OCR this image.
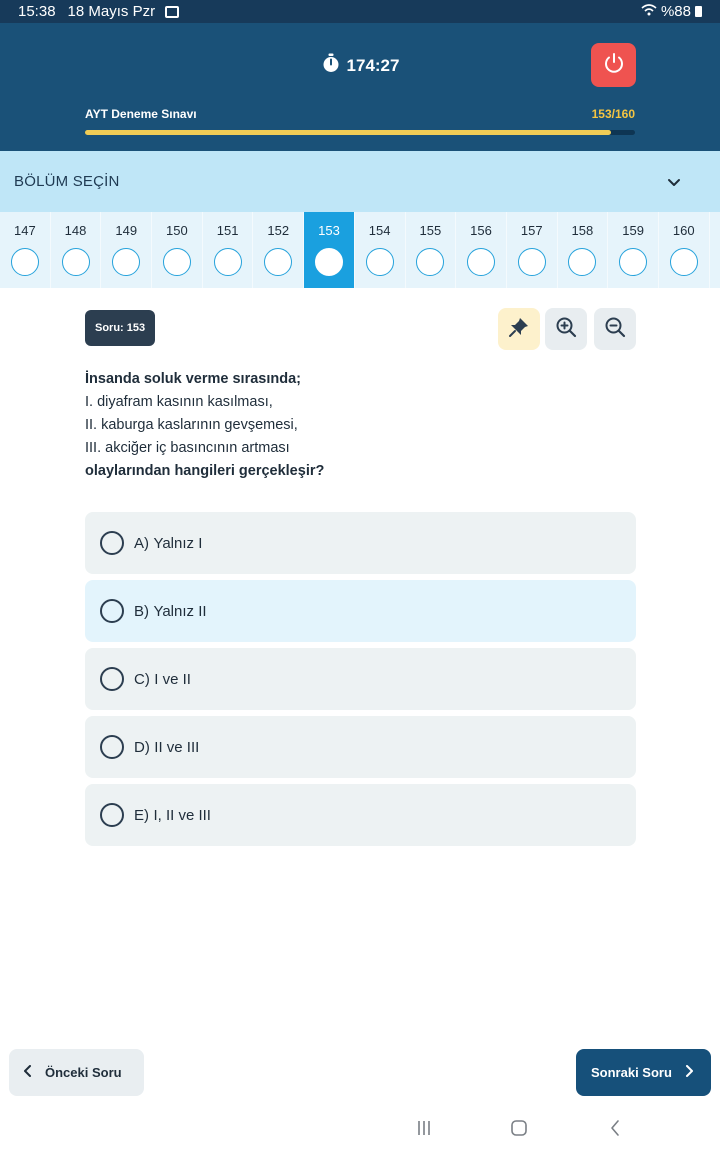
15:38 18 Mayıs Pzr	%88
174:27
AYT Deneme Sınavı	153/160
BÖLÜM SEÇİN
147 148 149 150 151 152 153 154 155 156 157 158 159 160
Soru: 153
İnsanda soluk verme sırasında;
I. diyafram kasının kasılması,
II. kaburga kaslarının gevşemesi,
III. akciğer iç basıncının artması
olaylarından hangileri gerçekleşir?
A)
Yalnız I
B)
Yalnız II
C)
I ve II
D)
II ve III
E)
I, II ve III
Önceki Soru	Sonraki Soru
